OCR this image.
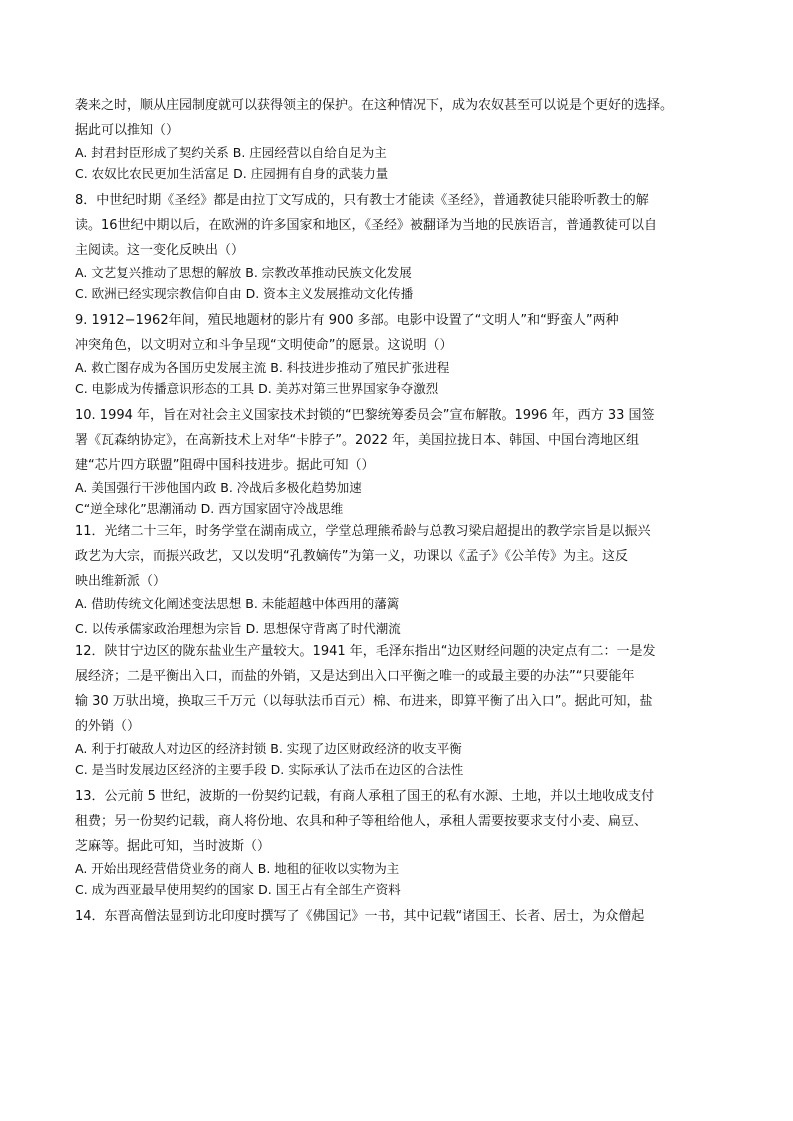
袭来之时，顺从庄园制度就可以获得领主的保护。在这种情况下，成为农奴甚至可以说是个更好的选择。

据此可以推知（）

A. 封君封臣形成了契约关系 B. 庄园经营以自给自足为主

C. 农奴比农民更加生活富足 D. 庄园拥有自身的武装力量

8．中世纪时期《圣经》都是由拉丁文写成的，只有教士才能读《圣经》，普通教徒只能聆听教士的解

读。16世纪中期以后，在欧洲的许多国家和地区，《圣经》被翻译为当地的民族语言，普通教徒可以自

主阅读。这一变化反映出（）

A. 文艺复兴推动了思想的解放 B. 宗教改革推动民族文化发展

C. 欧洲已经实现宗教信仰自由 D. 资本主义发展推动文化传播

9. 1912−1962年间，殖民地题材的影片有 900 多部。电影中设置了“文明人”和“野蛮人”两种

冲突角色，以文明对立和斗争呈现“文明使命”的愿景。这说明（）

A. 救亡图存成为各国历史发展主流 B. 科技进步推动了殖民扩张进程

C. 电影成为传播意识形态的工具 D. 美苏对第三世界国家争夺激烈

10. 1994 年，旨在对社会主义国家技术封锁的“巴黎统筹委员会”宣布解散。1996 年，西方 33 国签

署《瓦森纳协定》，在高新技术上对华“卡脖子”。2022 年，美国拉拢日本、韩国、中国台湾地区组

建“芯片四方联盟”阻碍中国科技进步。据此可知（）

A. 美国强行干涉他国内政 B. 冷战后多极化趋势加速

C“逆全球化”思潮涌动 D. 西方国家固守冷战思维

11．光绪二十三年，时务学堂在湖南成立，学堂总理熊希龄与总教习梁启超提出的教学宗旨是以振兴

政艺为大宗，而振兴政艺，又以发明“孔教嫡传”为第一义，功课以《孟子》《公羊传》为主。这反

映出维新派（）

A. 借助传统文化阐述变法思想 B. 未能超越中体西用的藩篱

C. 以传承儒家政治理想为宗旨 D. 思想保守背离了时代潮流

12．陕甘宁边区的陇东盐业生产量较大。1941 年，毛泽东指出“边区财经问题的决定点有二：一是发

展经济；二是平衡出入口，而盐的外销，又是达到出入口平衡之唯一的或最主要的办法”“只要能年

输 30 万驮出境，换取三千万元（以每驮法币百元）棉、布进来，即算平衡了出入口”。据此可知，盐

的外销（）

A. 利于打破敌人对边区的经济封锁 B. 实现了边区财政经济的收支平衡

C. 是当时发展边区经济的主要手段 D. 实际承认了法币在边区的合法性

13．公元前 5 世纪，波斯的一份契约记载，有商人承租了国王的私有水源、土地，并以土地收成支付

租费；另一份契约记载，商人将份地、农具和种子等租给他人，承租人需要按要求支付小麦、扁豆、

芝麻等。据此可知，当时波斯（）

A. 开始出现经营借贷业务的商人 B. 地租的征收以实物为主

C. 成为西亚最早使用契约的国家 D. 国王占有全部生产资料

14．东晋高僧法显到访北印度时撰写了《佛国记》一书，其中记载“诸国王、长者、居士，为众僧起
